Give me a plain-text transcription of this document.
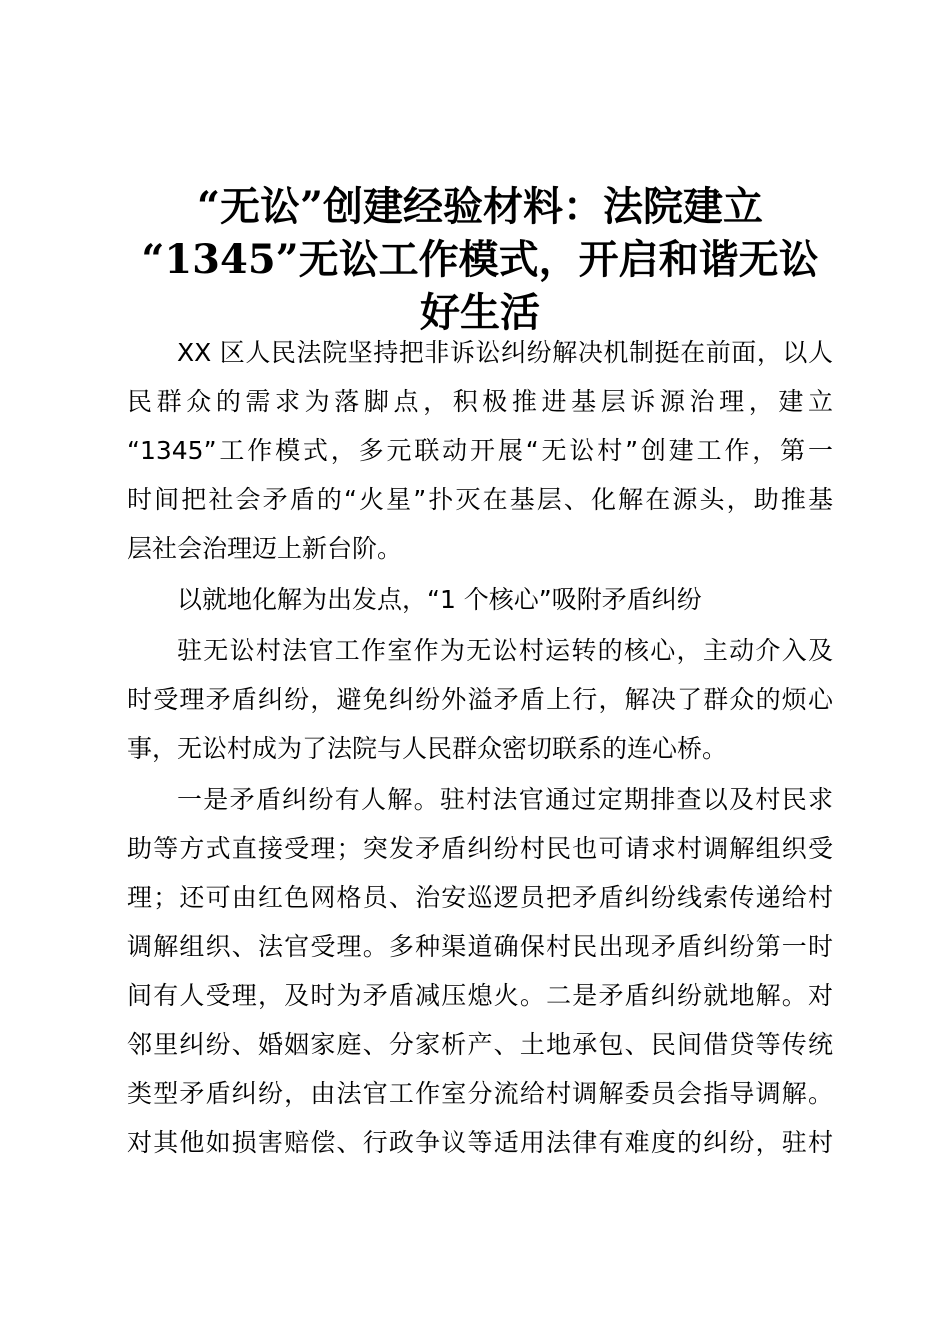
“无讼”创建经验材料：法院建立
“1345”无讼工作模式，开启和谐无讼
好生活
XX 区人民法院坚持把非诉讼纠纷解决机制挺在前面，以人
民群众的需求为落脚点，积极推进基层诉源治理，建立
“1345”工作模式，多元联动开展“无讼村”创建工作，第一
时间把社会矛盾的“火星”扑灭在基层、化解在源头，助推基
层社会治理迈上新台阶。
以就地化解为出发点，“1 个核心”吸附矛盾纠纷
驻无讼村法官工作室作为无讼村运转的核心，主动介入及
时受理矛盾纠纷，避免纠纷外溢矛盾上行，解决了群众的烦心
事，无讼村成为了法院与人民群众密切联系的连心桥。
一是矛盾纠纷有人解。驻村法官通过定期排查以及村民求
助等方式直接受理；突发矛盾纠纷村民也可请求村调解组织受
理；还可由红色网格员、治安巡逻员把矛盾纠纷线索传递给村
调解组织、法官受理。多种渠道确保村民出现矛盾纠纷第一时
间有人受理，及时为矛盾减压熄火。二是矛盾纠纷就地解。对
邻里纠纷、婚姻家庭、分家析产、土地承包、民间借贷等传统
类型矛盾纠纷，由法官工作室分流给村调解委员会指导调解。
对其他如损害赔偿、行政争议等适用法律有难度的纠纷，驻村
